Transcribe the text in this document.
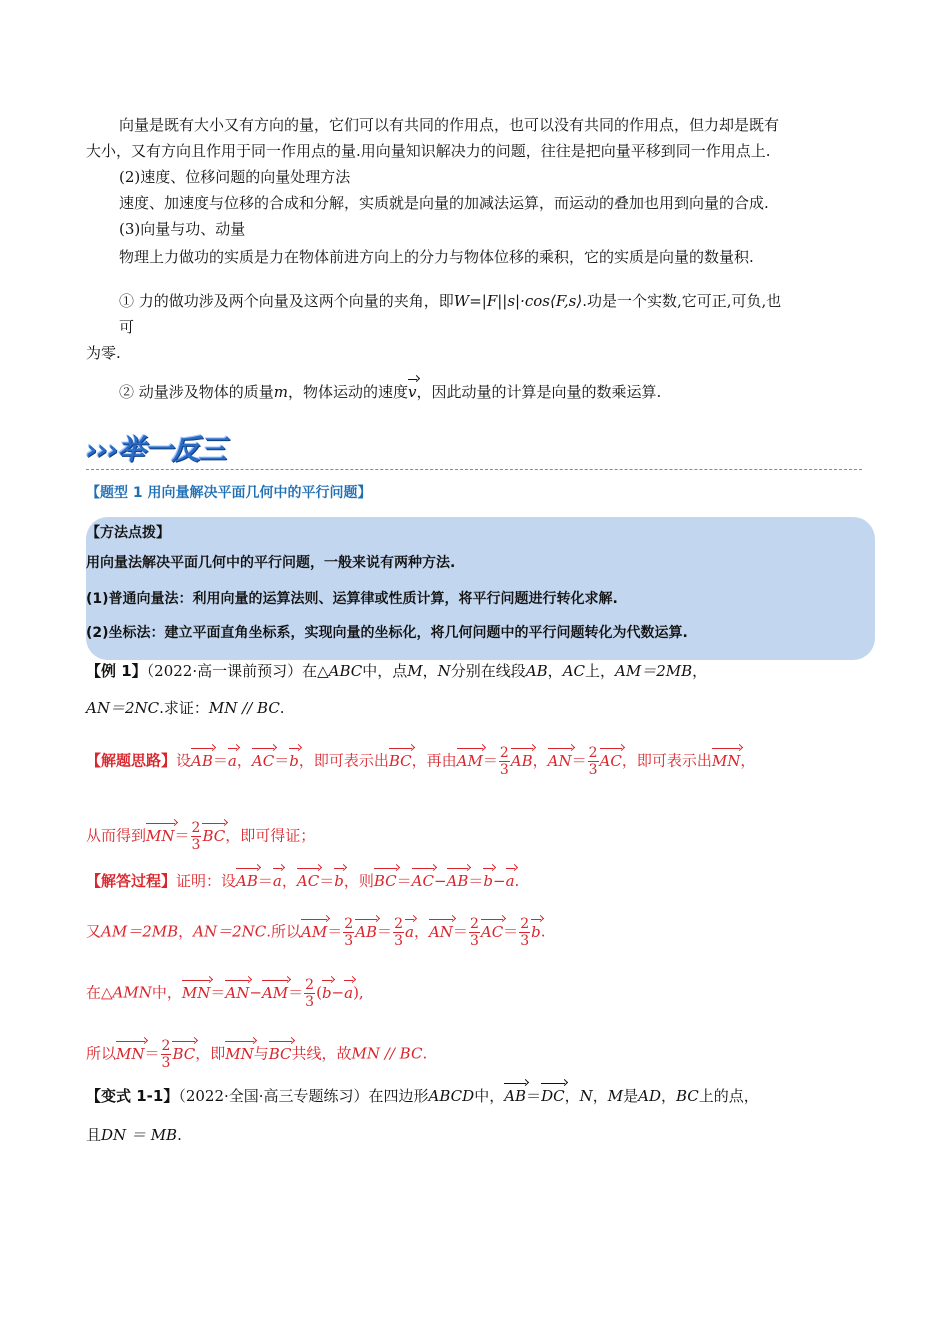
向量是既有大小又有方向的量，它们可以有共同的作用点，也可以没有共同的作用点，但力却是既有
大小，又有方向且作用于同一作用点的量.用向量知识解决力的问题，往往是把向量平移到同一作用点上.
(2)速度、位移问题的向量处理方法
速度、加速度与位移的合成和分解，实质就是向量的加减法运算，而运动的叠加也用到向量的合成.
(3)向量与功、动量
物理上力做功的实质是力在物体前进方向上的分力与物体位移的乘积，它的实质是向量的数量积.
① 力的做功涉及两个向量及这两个向量的夹角，即W=|F||s|·cos⟨F,s⟩.功是一个实数,它可正,可负,也
可
为零.
② 动量涉及物体的质量m，物体运动的速度v，因此动量的计算是向量的数乘运算.
›››举一反三
【题型 1 用向量解决平面几何中的平行问题】
【方法点拨】
用向量法解决平面几何中的平行问题，一般来说有两种方法.
(1)普通向量法：利用向量的运算法则、运算律或性质计算，将平行问题进行转化求解.
(2)坐标法：建立平面直角坐标系，实现向量的坐标化，将几何问题中的平行问题转化为代数运算.
【例 1】（2022·高一课前预习）在△ABC中，点M，N分别在线段AB，AC上，AM＝2MB，
AN＝2NC.求证：MN // BC.
【解题思路】设AB＝a，AC＝b，即可表示出BC，再由$AM= \frac{2}{3}$ AB，$AN= \frac{2}{3}$ AC，即可表示出MN，
从而得到$MN= \frac{2}{3}$ BC，即可得证；
【解答过程】证明：设AB＝a，AC＝b，则BC＝AC−AB＝b−a.
又AM＝2MB，AN＝2NC.所以$AM= \frac{2}{3} AB= \frac{2}{3}$ a，$AN= \frac{2}{3} AC= \frac{2}{3} b$.
在△AMN中，$MN=AN-AM= \frac{2}{3} (b-a)$,
所以$MN= \frac{2}{3}$ BC，即MN与BC共线，故MN // BC.
【变式 1-1】（2022·全国·高三专题练习）在四边形ABCD中，AB＝DC，N，M是AD，BC上的点，
且DN ＝ MB.
